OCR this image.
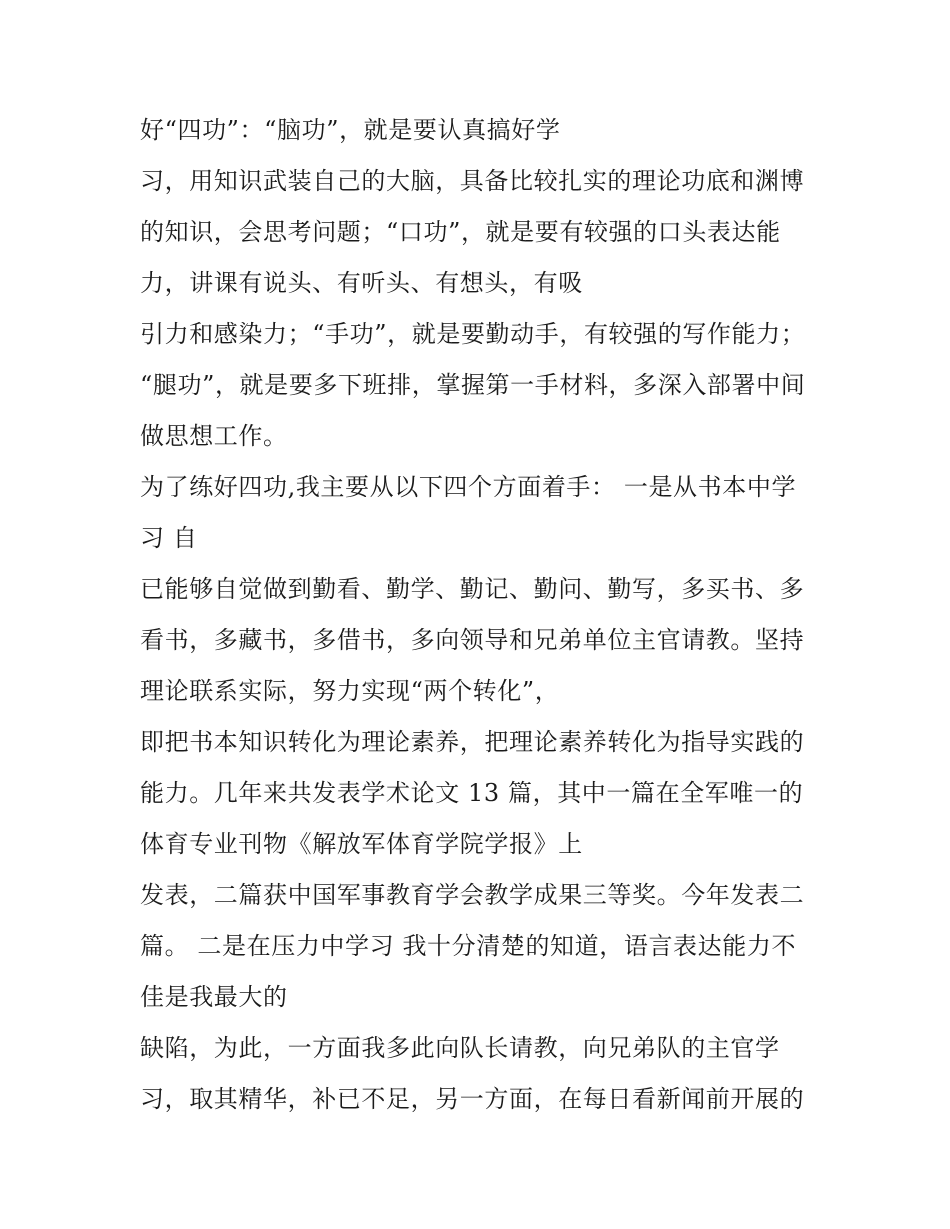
好“四功”：“脑功”，就是要认真搞好学
习，用知识武装自己的大脑，具备比较扎实的理论功底和渊博
的知识，会思考问题；“口功”，就是要有较强的口头表达能
力，讲课有说头、有听头、有想头，有吸
引力和感染力；“手功”，就是要勤动手，有较强的写作能力；
“腿功”，就是要多下班排，掌握第一手材料，多深入部署中间
做思想工作。
为了练好四功,我主要从以下四个方面着手： 一是从书本中学
习 自
已能够自觉做到勤看、勤学、勤记、勤问、勤写，多买书、多
看书，多藏书，多借书，多向领导和兄弟单位主官请教。坚持
理论联系实际，努力实现“两个转化”，
即把书本知识转化为理论素养，把理论素养转化为指导实践的
能力。几年来共发表学术论文 13 篇，其中一篇在全军唯一的
体育专业刊物《解放军体育学院学报》上
发表，二篇获中国军事教育学会教学成果三等奖。今年发表二
篇。 二是在压力中学习 我十分清楚的知道，语言表达能力不
佳是我最大的
缺陷，为此，一方面我多此向队长请教，向兄弟队的主官学
习，取其精华，补已不足，另一方面，在每日看新闻前开展的
